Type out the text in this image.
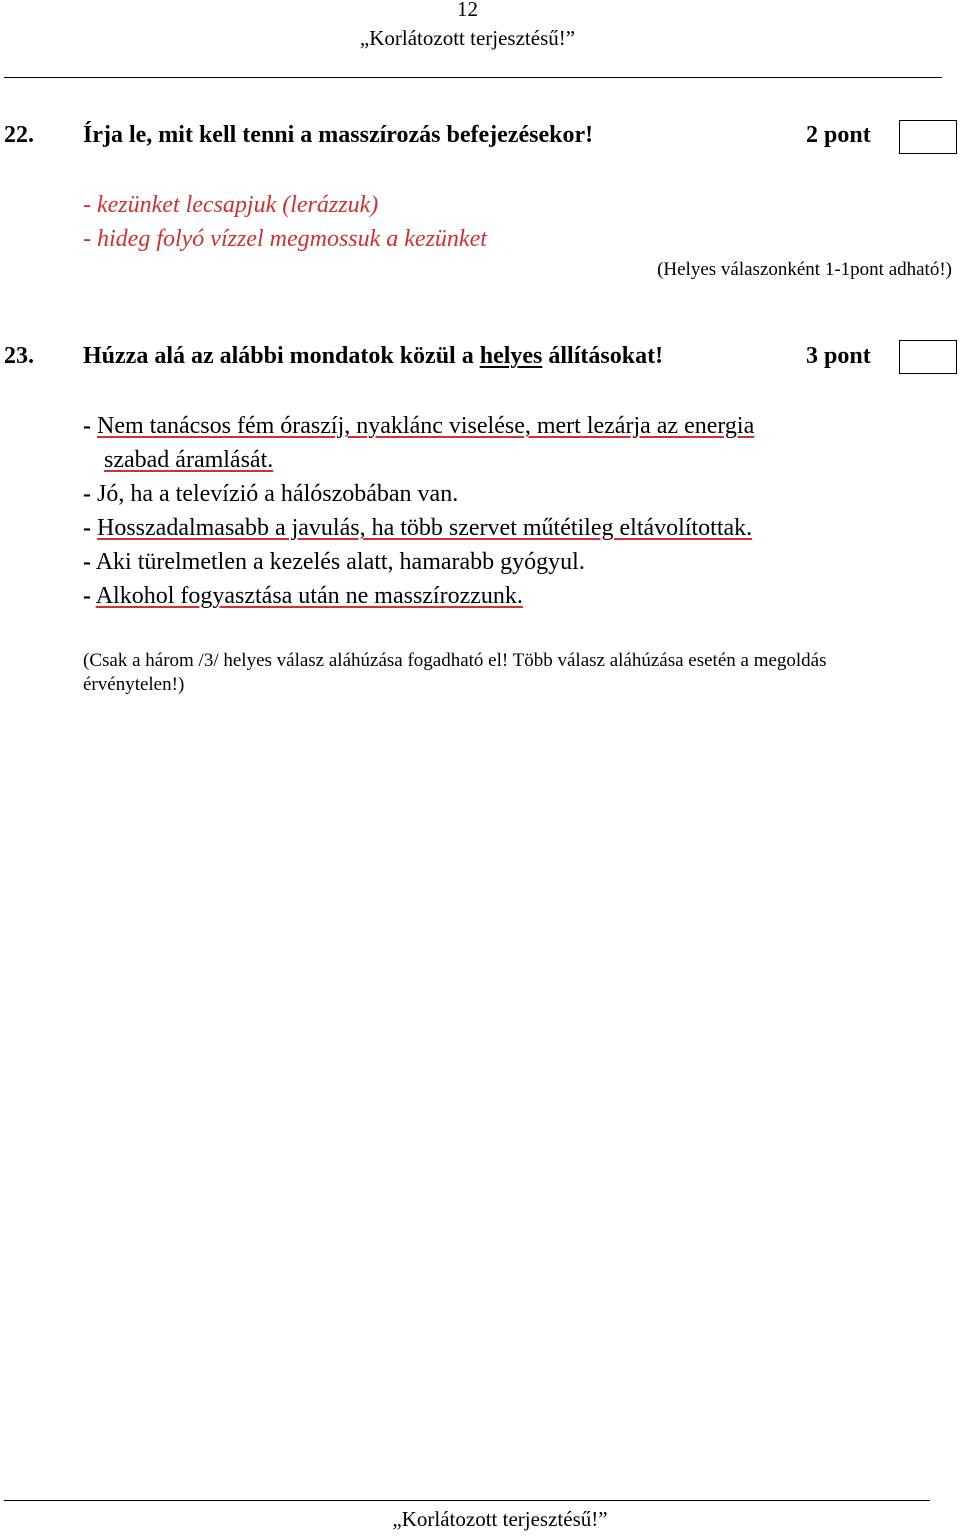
12
„Korlátozott terjesztésű!”
22. Írja le, mit kell tenni a masszírozás befejezésekor!	2 pont
- kezünket lecsapjuk (lerázzuk)
- hideg folyó vízzel megmossuk a kezünket
(Helyes válaszonként 1-1pont adható!)
23. Húzza alá az alábbi mondatok közül a helyes állításokat!	3 pont
- Nem tanácsos fém óraszíj, nyaklánc viselése, mert lezárja az energia
szabad áramlását.
- Jó, ha a televízió a hálószobában van.
- Hosszadalmasabb a javulás, ha több szervet műtétileg eltávolítottak.
- Aki türelmetlen a kezelés alatt, hamarabb gyógyul.
- Alkohol fogyasztása után ne masszírozzunk.
(Csak a három /3/ helyes válasz aláhúzása fogadható el! Több válasz aláhúzása esetén a megoldás
érvénytelen!)
„Korlátozott terjesztésű!”
